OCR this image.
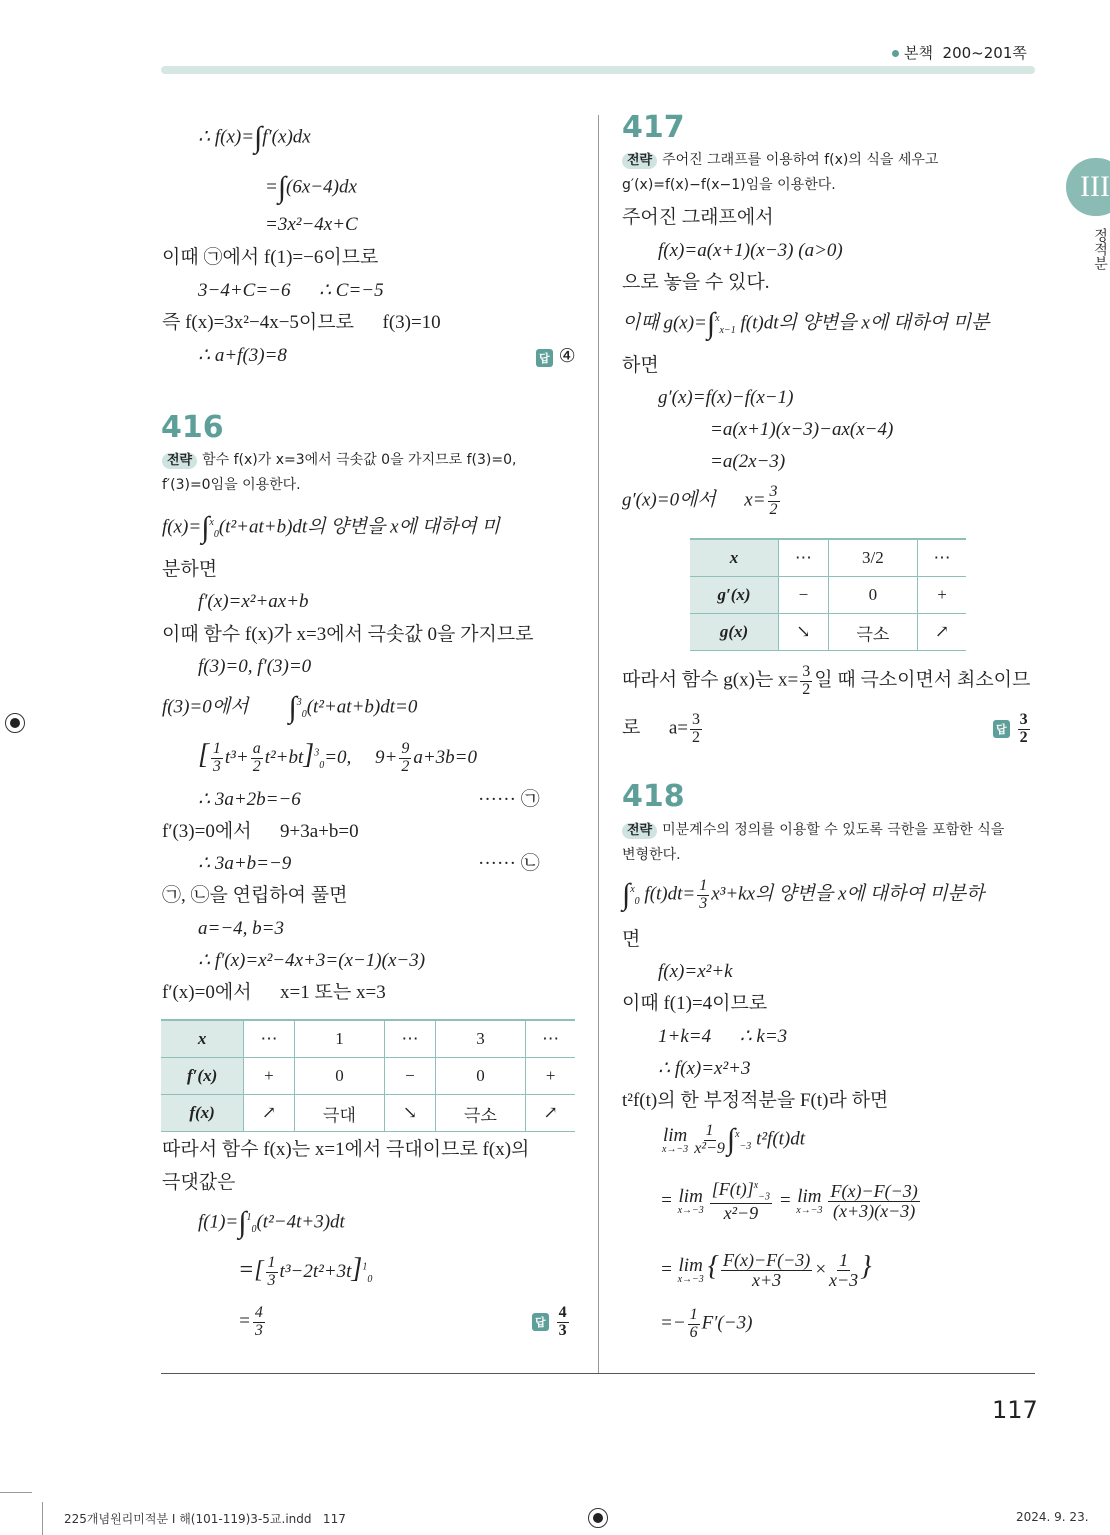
본책 200~201쪽
III
정적분
∴ f(x)=∫f′(x)dx
=∫(6x−4)dx
=3x²−4x+C
이때 ㉠에서 f(1)=−6이므로
3−4+C=−6      ∴ C=−5
즉 f(x)=3x²−4x−5이므로      f(3)=10
∴ a+f(3)=8	답 ④
416
전략 함수 f(x)가 x=3에서 극솟값 0을 가지므로 f(3)=0,
f′(3)=0임을 이용한다.
f(x)=∫$^x_0$(t²+at+b)dt의 양변을 x에 대하여 미
분하면
f′(x)=x²+ax+b
이때 함수 f(x)가 x=3에서 극솟값 0을 가지므로
f(3)=0, f′(3)=0
f(3)=0에서 ∫$^3_0$(t²+at+b)dt=0
[ $\frac{1}{3} t^3+ \frac{a}{2} t^2+bt]^3_0=0$,     $9+ \frac{9}{2} a+3b=0$
∴ 3a+2b=−6	······ ㉠
f′(3)=0에서      9+3a+b=0
∴ 3a+b=−9	······ ㉡
㉠, ㉡을 연립하여 풀면
a=−4, b=3
∴ f′(x)=x²−4x+3=(x−1)(x−3)
f′(x)=0에서      x=1 또는 x=3
x	⋯	1	⋯	3	⋯
f′(x)	+	0	−	0	+
f(x)	↗	극대	↘	극소	↗
따라서 함수 f(x)는 x=1에서 극대이므로 f(x)의
극댓값은
f(1)=∫$^1_0$(t²−4t+3)dt
=[ $\frac{1}{3} t^3-2t^2+3t]^1_0$
= $\frac{4}{3}$	답 $\frac{4}{3}$
417
전략 주어진 그래프를 이용하여 f(x)의 식을 세우고
g′(x)=f(x)−f(x−1)임을 이용한다.
주어진 그래프에서
f(x)=a(x+1)(x−3) (a>0)
으로 놓을 수 있다.
이때 g(x)=∫$^x_{x-1}$ f(t)dt의 양변을 x에 대하여 미분
하면
g′(x)=f(x)−f(x−1)
=a(x+1)(x−3)−ax(x−4)
=a(2x−3)
g′(x)=0에서      $x= \frac{3}{2}$
x	⋯	3/2	⋯
g′(x)	−	0	+
g(x)	↘	극소	↗
따라서 함수 g(x)는 $x= \frac{3}{2}$ 일 때 극소이면서 최소이므
로      $a= \frac{3}{2}$	답 $\frac{3}{2}$
418
전략 미분계수의 정의를 이용할 수 있도록 극한을 포함한 식을
변형한다.
∫$^x_0$ $f(t)dt= \frac{1}{3} x^3+kx$의 양변을 x에 대하여 미분하
면
f(x)=x²+k
이때 f(1)=4이므로
1+k=4      ∴ k=3
∴ f(x)=x²+3
t²f(t)의 한 부정적분을 F(t)라 하면
lim
$x\to-3 \frac{1}{\text{x²−9}} \int^x_{-3}$ t²f(t)dt
= lim
$x\to-3 \frac{[F(t)]^x_{-3}}{\text{x²−9}} = \lim$
$x\to-3 \frac{F(x)-F(-3)}{(x+3)(x-3)}$
= lim
x→−3 { $\frac{F(x)-F(-3)}{x+3} \times \frac{1}{x-3}$ }
=− $\frac{1}{6} F'(-3)$
117
225개념원리미적분 I 해(101-119)3-5교.indd   117	2024. 9. 23.
